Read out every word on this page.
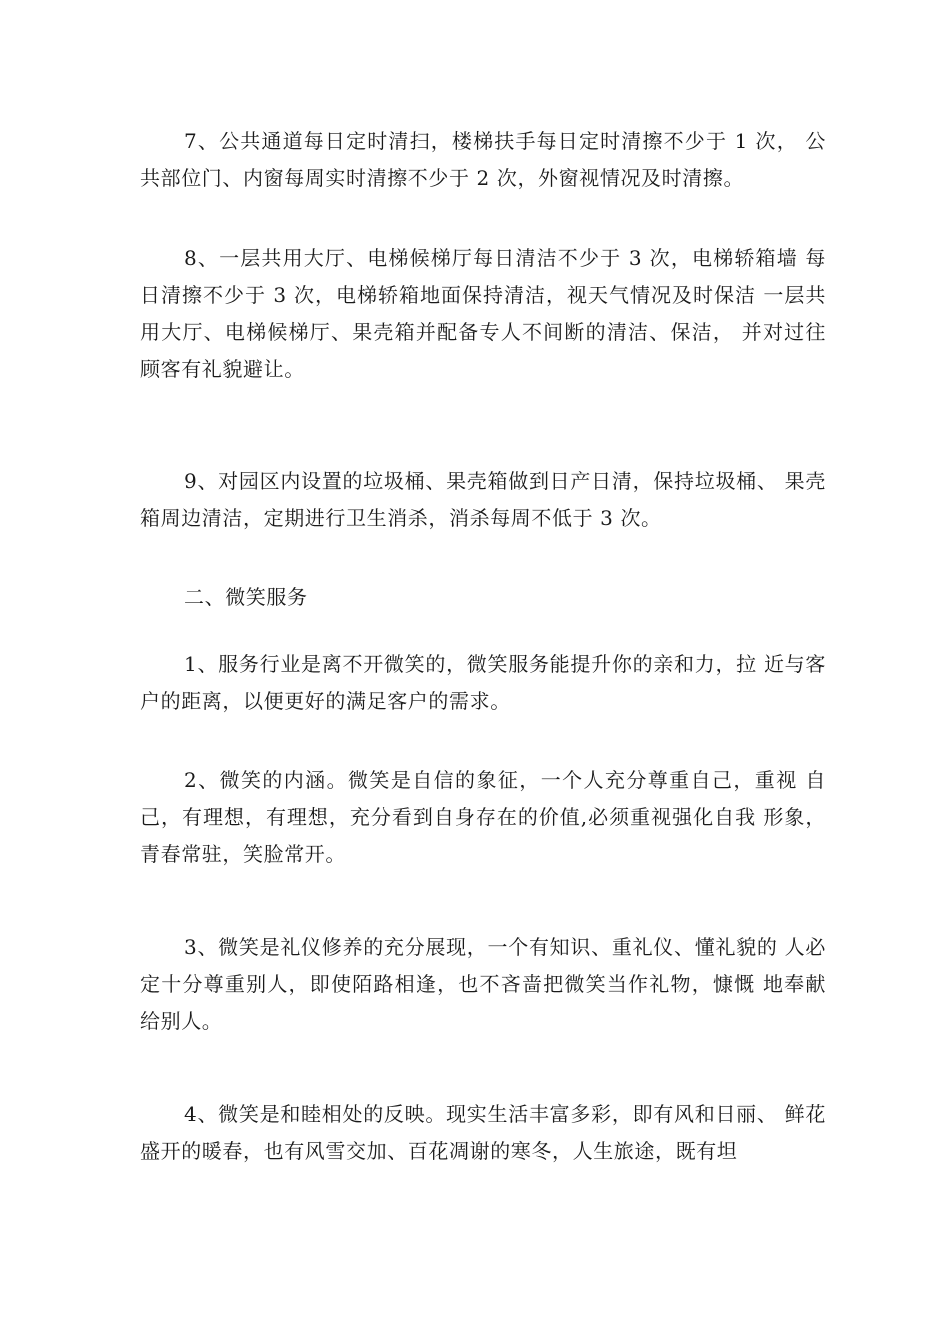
7、公共通道每日定时清扫，楼梯扶手每日定时清擦不少于 1 次， 公共部位门、内窗每周实时清擦不少于 2 次，外窗视情况及时清擦。

8、一层共用大厅、电梯候梯厅每日清洁不少于 3 次，电梯轿箱墙 每日清擦不少于 3 次，电梯轿箱地面保持清洁，视天气情况及时保洁 一层共用大厅、电梯候梯厅、果壳箱并配备专人不间断的清洁、保洁， 并对过往顾客有礼貌避让。

9、对园区内设置的垃圾桶、果壳箱做到日产日清，保持垃圾桶、 果壳箱周边清洁，定期进行卫生消杀，消杀每周不低于 3 次。

二、微笑服务

1、服务行业是离不开微笑的，微笑服务能提升你的亲和力，拉 近与客户的距离，以便更好的满足客户的需求。

2、微笑的内涵。微笑是自信的象征，一个人充分尊重自己，重视 自己，有理想，有理想，充分看到自身存在的价值,必须重视强化自我 形象，青春常驻，笑脸常开。

3、微笑是礼仪修养的充分展现，一个有知识、重礼仪、懂礼貌的 人必定十分尊重别人，即使陌路相逢，也不吝啬把微笑当作礼物，慷慨 地奉献给别人。

4、微笑是和睦相处的反映。现实生活丰富多彩，即有风和日丽、 鲜花盛开的暖春，也有风雪交加、百花凋谢的寒冬，人生旅途，既有坦
